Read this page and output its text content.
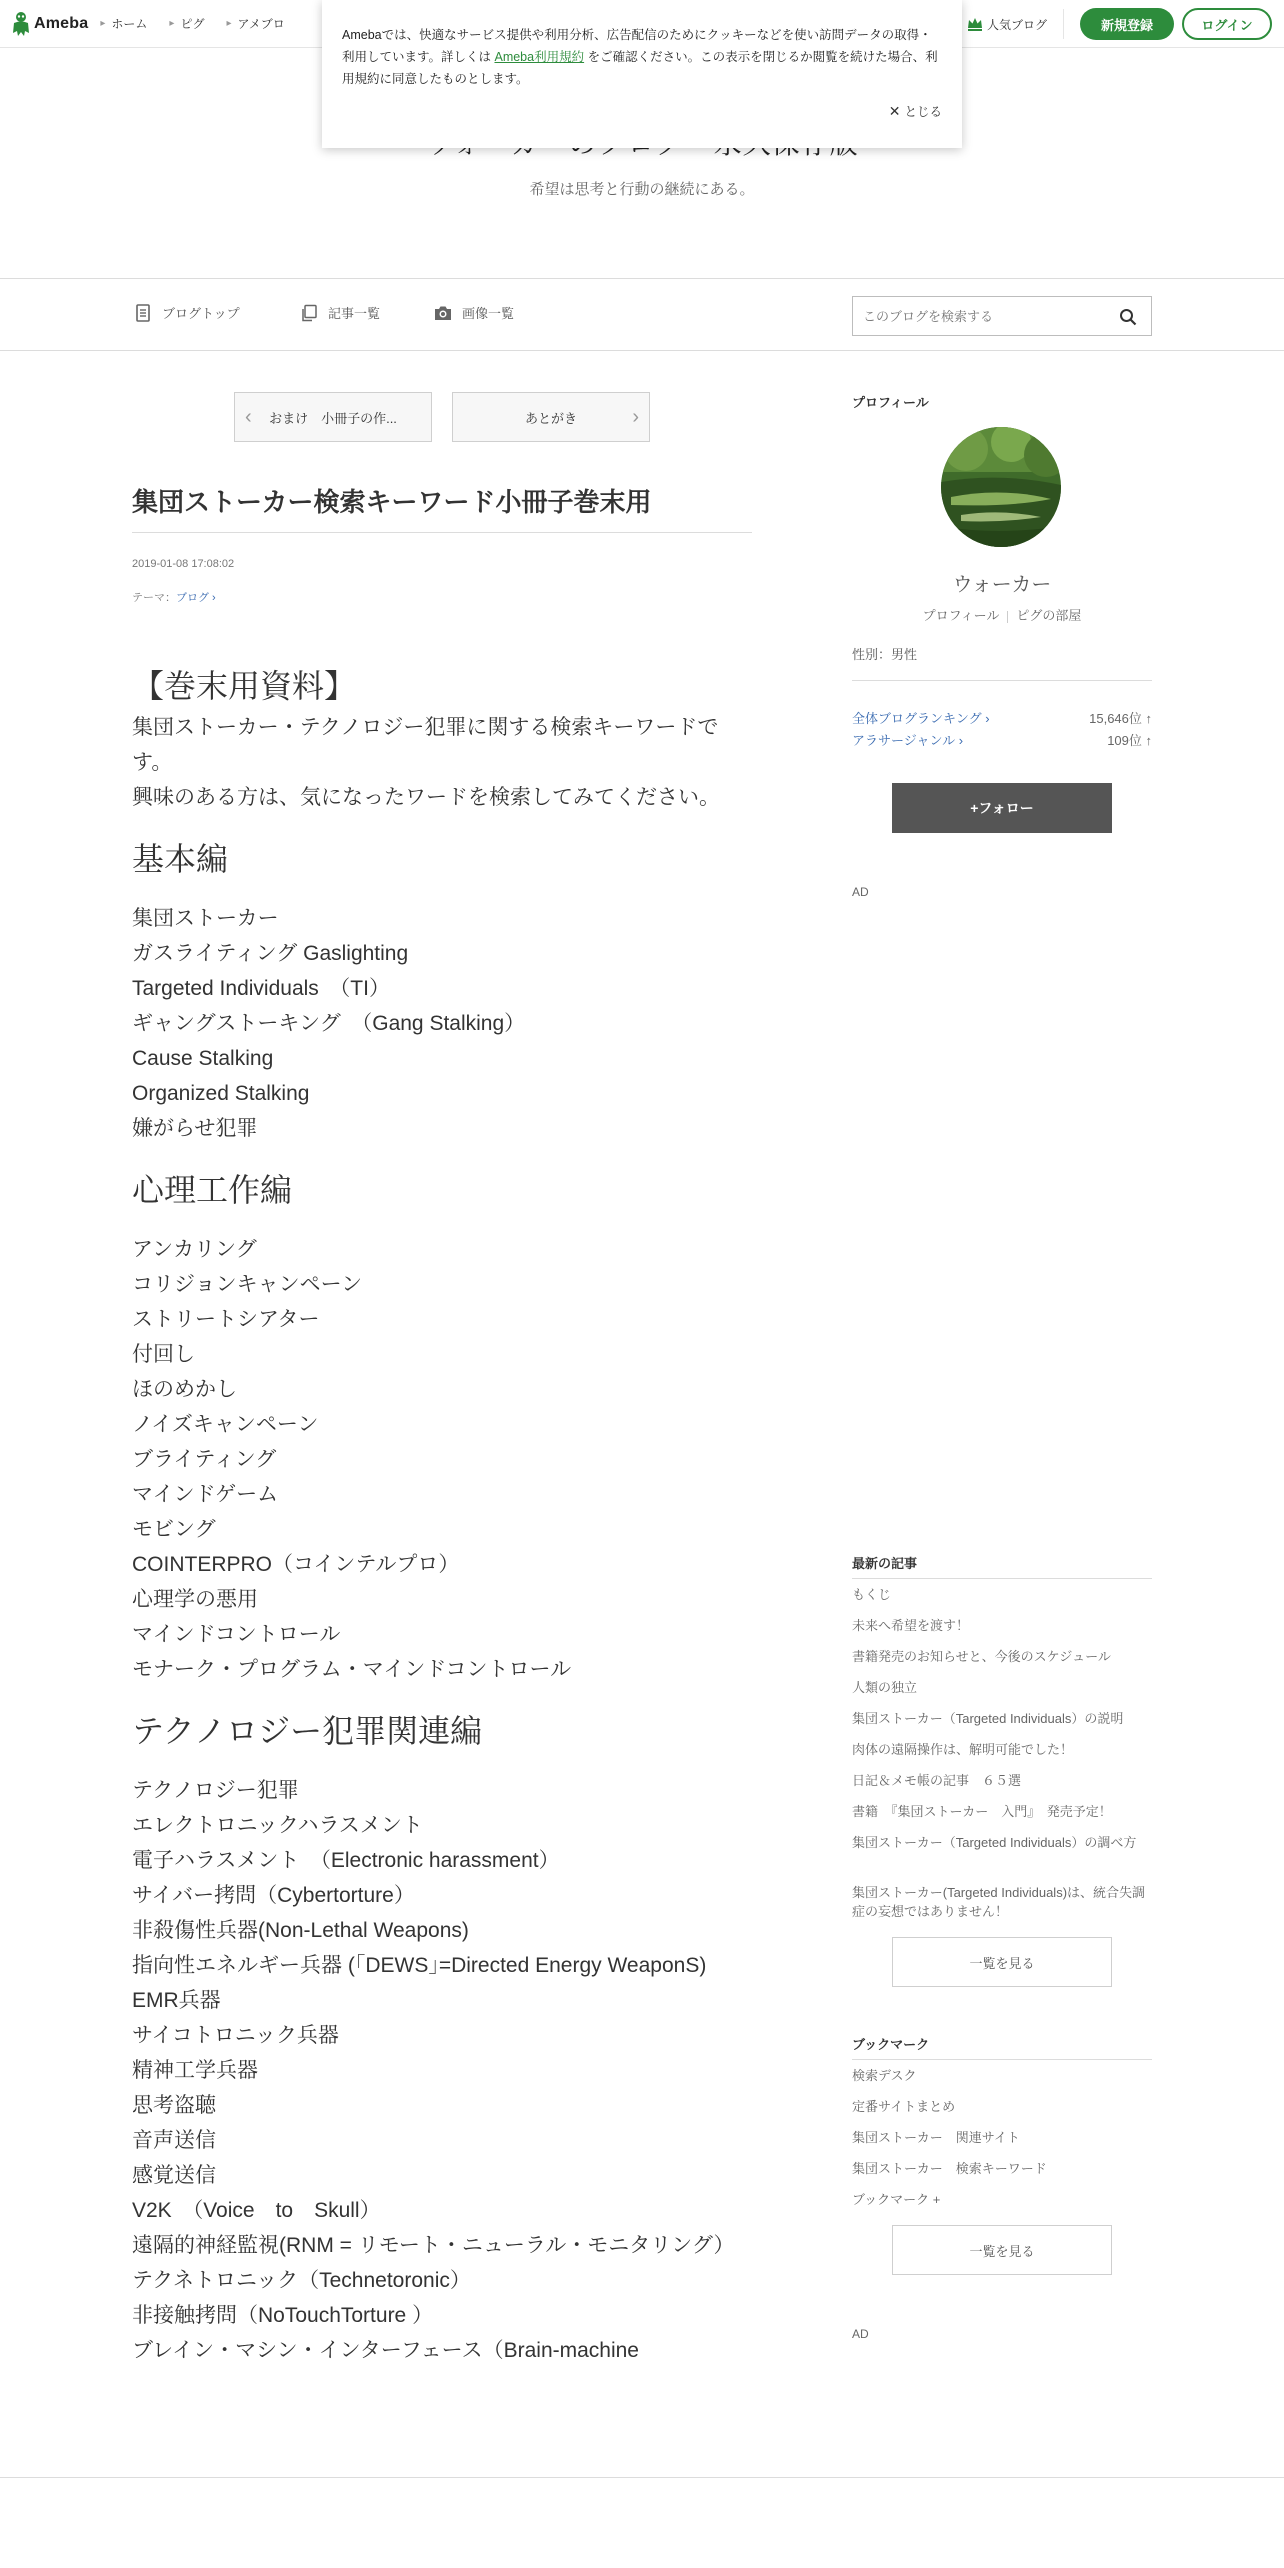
Ameba ▸ ホーム ▸ ピグ ▸ アメブロ	人気ブログ	新規登録	ログイン

Amebaでは、快適なサービス提供や利用分析、広告配信のためにクッキーなどを使い訪問データの取得・利用しています。詳しくは Ameba利用規約 をご確認ください。この表示を閉じるか閲覧を続けた場合、利用規約に同意したものとします。

✕ とじる
希望は思考と行動の継続にある。
ブログトップ	記事一覧	画像一覧
このブログを検索する
‹ おまけ　小冊子の作...	あとがき	›
集団ストーカー検索キーワード小冊子巻末用
2019-01-08 17:08:02
テーマ：ブログ ›
【巻末用資料】
集団ストーカー・テクノロジー犯罪に関する検索キーワードです。
興味のある方は、気になったワードを検索してみてください。
基本編
集団ストーカー
ガスライティング Gaslighting
Targeted Individuals　（TI）
ギャングストーキング　（Gang Stalking）
Cause Stalking
Organized Stalking
嫌がらせ犯罪
心理工作編
アンカリング
コリジョンキャンペーン
ストリートシアター
付回し
ほのめかし
ノイズキャンペーン
ブライティング
マインドゲーム
モビング
COINTERPRO（コインテルプロ）
心理学の悪用
マインドコントロール
モナーク・プログラム・マインドコントロール
テクノロジー犯罪関連編
テクノロジー犯罪
エレクトロニックハラスメント
電子ハラスメント　（Electronic harassment）
サイバー拷問（Cybertorture）
非殺傷性兵器(Non-Lethal Weapons)
指向性エネルギー兵器 (｢DEWS｣=Directed Energy WeaponS)
EMR兵器
サイコトロニック兵器
精神工学兵器
思考盗聴
音声送信
感覚送信
V2K　（Voice　to　Skull）
遠隔的神経監視(RNM = リモート・ニューラル・モニタリング）
テクネトロニック（Technetoronic）
非接触拷問（NoTouchTorture ）
ブレイン・マシン・インターフェース（Brain-machine
プロフィール
ウォーカー
プロフィール ピグの部屋
性別：男性
全体ブログランキング ›	15,646位 ↑
アラサージャンル ›	109位 ↑
+フォロー
AD
最新の記事
もくじ
未来へ希望を渡す！
書籍発売のお知らせと、今後のスケジュール
人類の独立
集団ストーカー（Targeted Individuals）の説明
肉体の遠隔操作は、解明可能でした！
日記＆メモ帳の記事　６５選
書籍　『集団ストーカー　入門』　発売予定！
集団ストーカー（Targeted Individuals）の調べ方
集団ストーカー(Targeted Individuals)は、統合失調症の妄想ではありません！
一覧を見る
ブックマーク
検索デスク
定番サイトまとめ
集団ストーカー　関連サイト
集団ストーカー　検索キーワード
ブックマーク +
一覧を見る
AD
